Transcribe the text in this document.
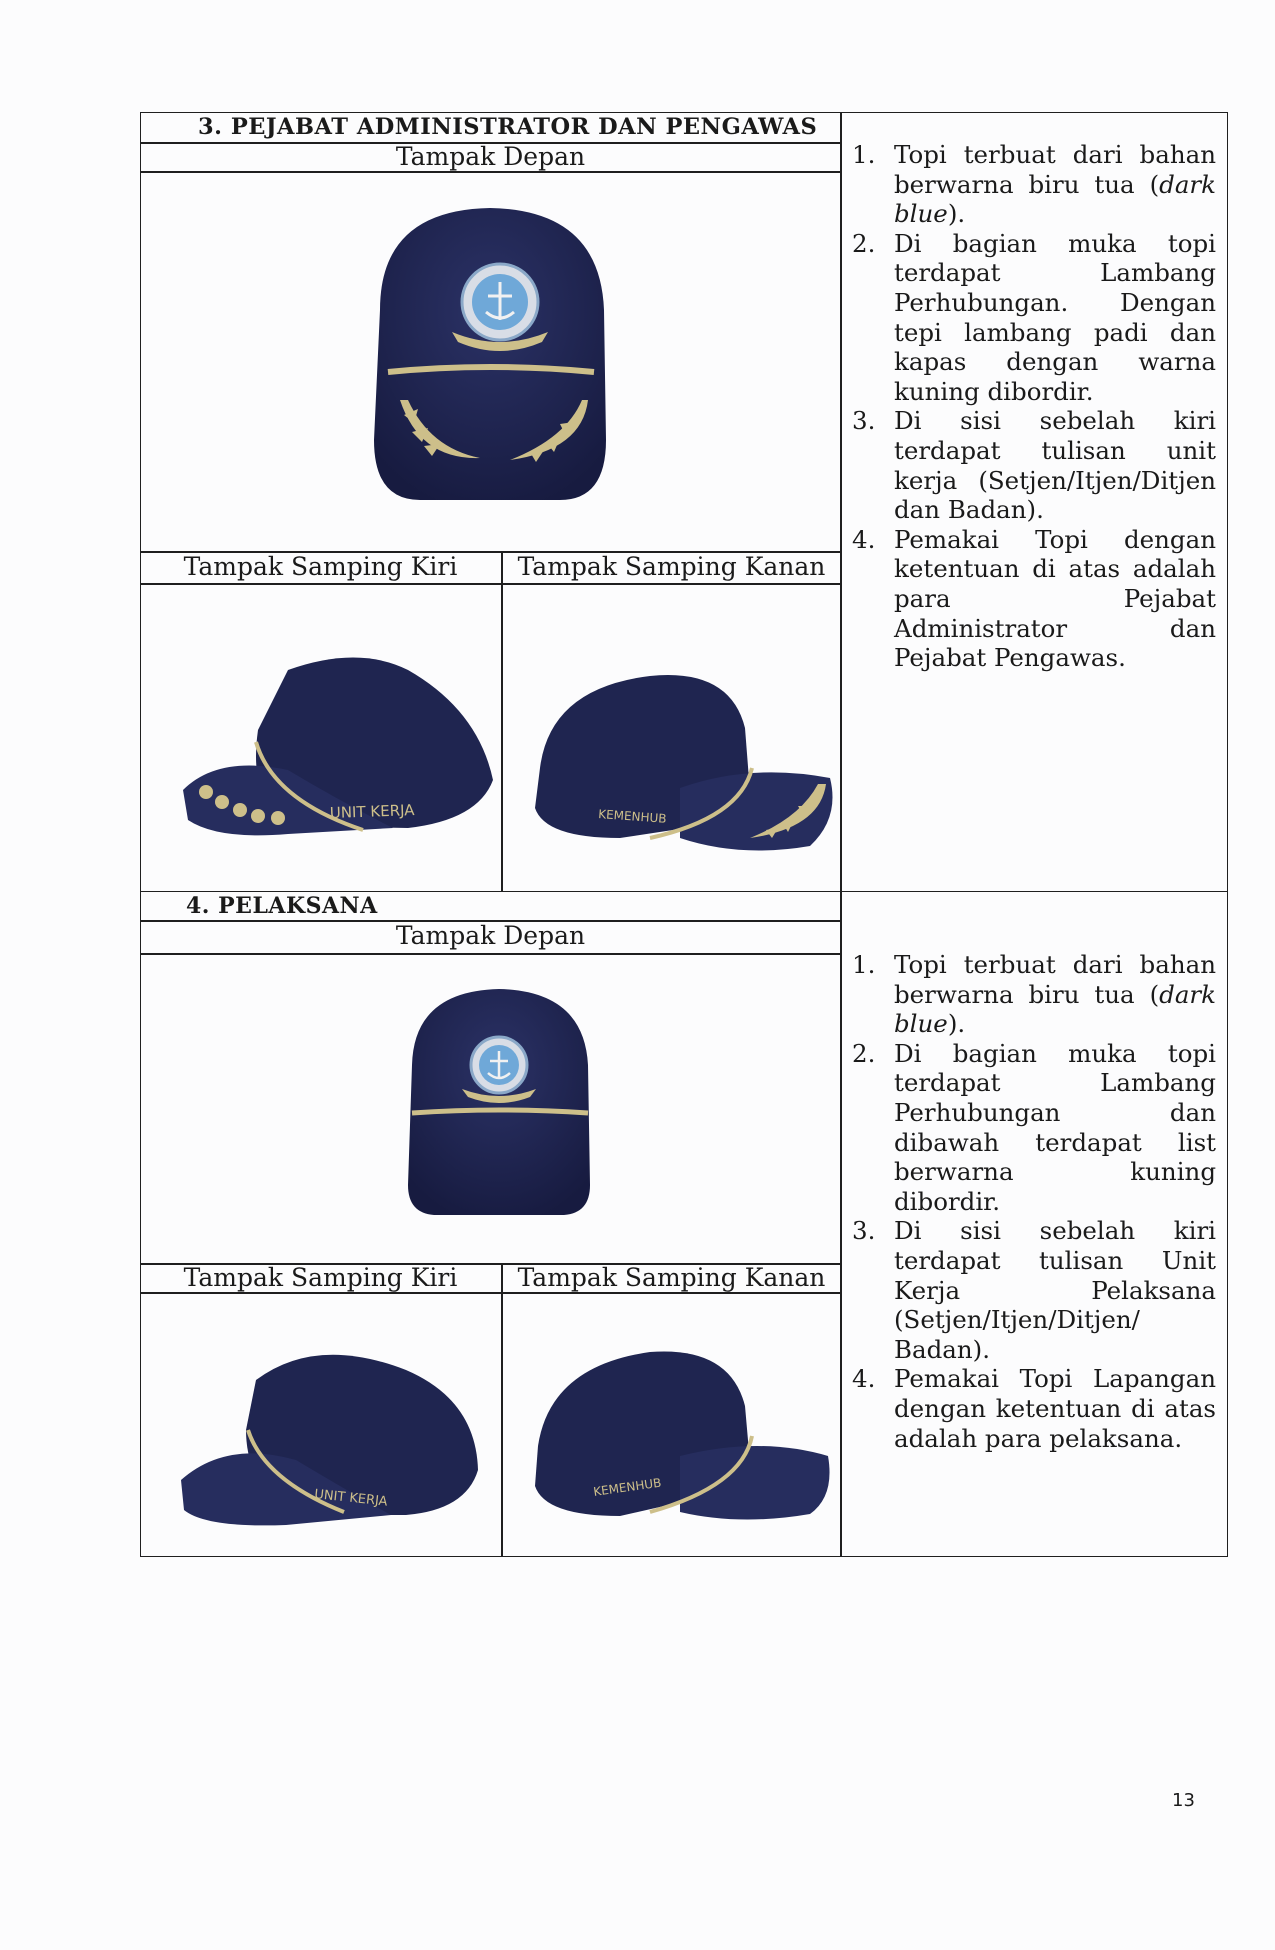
3. PEJABAT ADMINISTRATOR DAN PENGAWAS
Tampak Depan
Tampak Samping Kiri	Tampak Samping Kanan
UNIT KERJA	KEMENHUB
1. Topi terbuat dari bahan berwarna biru tua (dark blue).
2. Di bagian muka topi terdapat Lambang Perhubungan. Dengan tepi lambang padi dan kapas dengan warna kuning dibordir.
3. Di sisi sebelah kiri terdapat tulisan unit kerja (Setjen/Itjen/Ditjen dan Badan).
4. Pemakai Topi dengan ketentuan di atas adalah para Pejabat Administrator dan Pejabat Pengawas.
4. PELAKSANA
Tampak Depan
Tampak Samping Kiri	Tampak Samping Kanan
UNIT KERJA	KEMENHUB
1. Topi terbuat dari bahan berwarna biru tua (dark blue).
2. Di bagian muka topi terdapat Lambang Perhubungan dan dibawah terdapat list berwarna kuning dibordir.
3. Di sisi sebelah kiri terdapat tulisan Unit Kerja Pelaksana (Setjen/Itjen/Ditjen/ Badan).
4. Pemakai Topi Lapangan dengan ketentuan di atas adalah para pelaksana.
13
